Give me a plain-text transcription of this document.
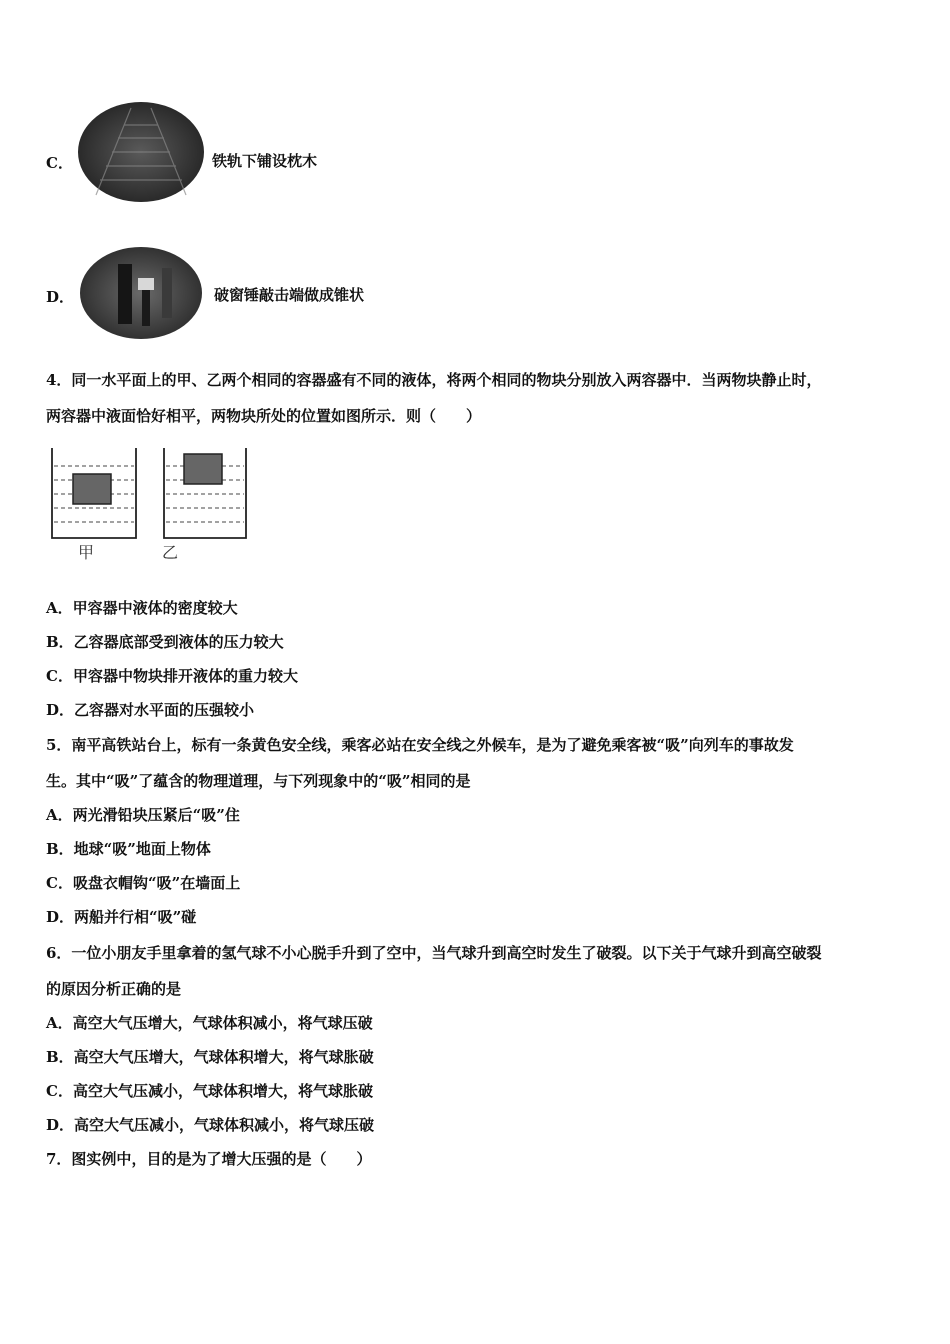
C．	铁轨下铺设枕木
D．	破窗锤敲击端做成锥状
4．同一水平面上的甲、乙两个相同的容器盛有不同的液体，将两个相同的物块分别放入两容器中．当两物块静止时，
两容器中液面恰好相平，两物块所处的位置如图所示．则（　　）
甲	乙
A．甲容器中液体的密度较大
B．乙容器底部受到液体的压力较大
C．甲容器中物块排开液体的重力较大
D．乙容器对水平面的压强较小
5．南平高铁站台上，标有一条黄色安全线，乘客必站在安全线之外候车，是为了避免乘客被“吸”向列车的事故发
生。其中“吸”了蕴含的物理道理，与下列现象中的“吸”相同的是
A．两光滑铅块压紧后“吸”住
B．地球“吸”地面上物体
C．吸盘衣帽钩“吸”在墙面上
D．两船并行相“吸”碰
6．一位小朋友手里拿着的氢气球不小心脱手升到了空中，当气球升到高空时发生了破裂。以下关于气球升到高空破裂
的原因分析正确的是
A．高空大气压增大，气球体积减小，将气球压破
B．高空大气压增大，气球体积增大，将气球胀破
C．高空大气压减小，气球体积增大，将气球胀破
D．高空大气压减小，气球体积减小，将气球压破
7．图实例中，目的是为了增大压强的是（　　）
